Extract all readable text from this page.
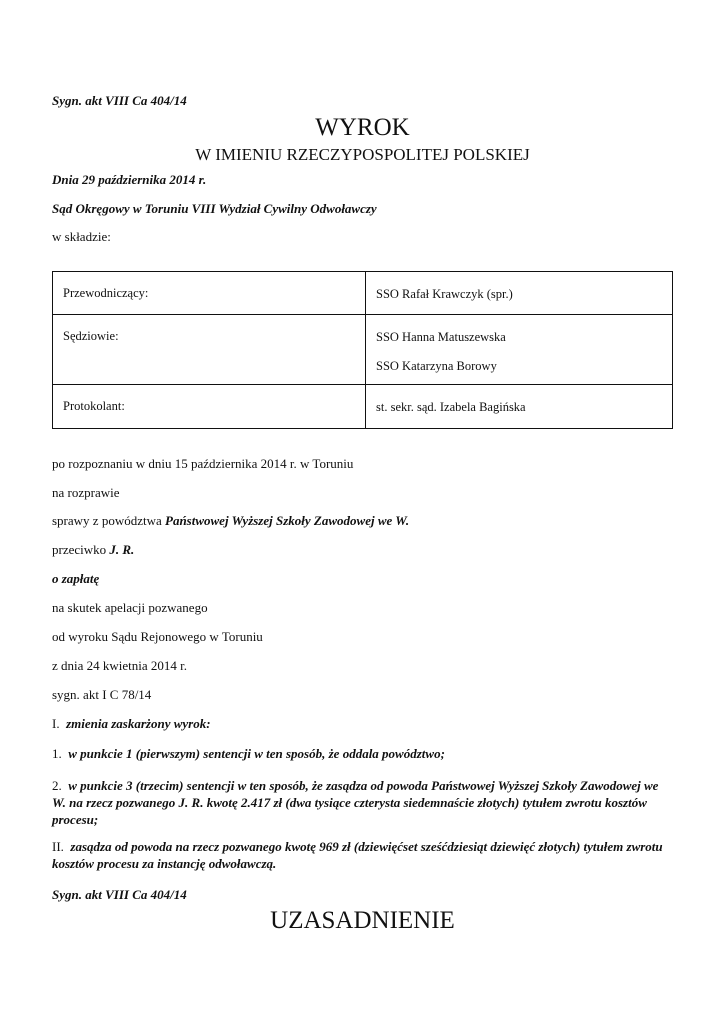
Sygn. akt VIII Ca 404/14
WYROK
W IMIENIU RZECZYPOSPOLITEJ POLSKIEJ
Dnia 29 października 2014 r.
Sąd Okręgowy w Toruniu VIII Wydział Cywilny Odwoławczy
w składzie:
Przewodniczący:	SSO Rafał Krawczyk (spr.)

Sędziowie:	SSO Hanna Matuszewska
SSO Katarzyna Borowy

Protokolant:	st. sekr. sąd. Izabela Bagińska
po rozpoznaniu w dniu 15 października 2014 r. w Toruniu
na rozprawie
sprawy z powództwa Państwowej Wyższej Szkoły Zawodowej we W.
przeciwko J. R.
o zapłatę
na skutek apelacji pozwanego
od wyroku Sądu Rejonowego w Toruniu
z dnia 24 kwietnia 2014 r.
sygn. akt I C 78/14
I. zmienia zaskarżony wyrok:
1. w punkcie 1 (pierwszym) sentencji w ten sposób, że oddala powództwo;
2. w punkcie 3 (trzecim) sentencji w ten sposób, że zasądza od powoda Państwowej Wyższej Szkoły Zawodowej we W. na rzecz pozwanego J. R. kwotę 2.417 zł (dwa tysiące czterysta siedemnaście złotych) tytułem zwrotu kosztów procesu;
II. zasądza od powoda na rzecz pozwanego kwotę 969 zł (dziewięćset sześćdziesiąt dziewięć złotych) tytułem zwrotu kosztów procesu za instancję odwoławczą.
Sygn. akt VIII Ca 404/14
UZASADNIENIE
